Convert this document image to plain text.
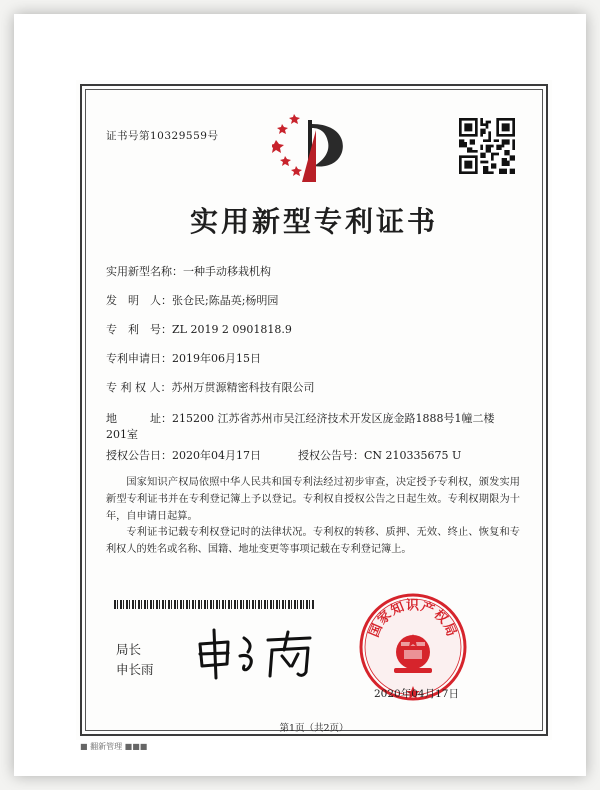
证书号第10329559号
实用新型专利证书
实用新型名称：一种手动移栽机构
发　明　人：张仓民;陈晶英;杨明园
专　利　号：ZL 2019 2 0901818.9
专利申请日：2019年06月15日
专 利 权 人：苏州万贯源精密科技有限公司
地　　　址：215200 江苏省苏州市吴江经济技术开发区庞金路1888号1幢二楼201室
授权公告日：2020年04月17日	授权公告号：CN 210335675 U
国家知识产权局依照中华人民共和国专利法经过初步审查，决定授予专利权，颁发实用新型专利证书并在专利登记簿上予以登记。专利权自授权公告之日起生效。专利权期限为十年，自申请日起算。
专利证书记载专利权登记时的法律状况。专利权的转移、质押、无效、终止、恢复和专利权人的姓名或名称、国籍、地址变更等事项记载在专利登记簿上。
局长
申长雨
国家知识产权局
2020年04月17日
第1页（共2页）
■ 翻新管理 ■■■
